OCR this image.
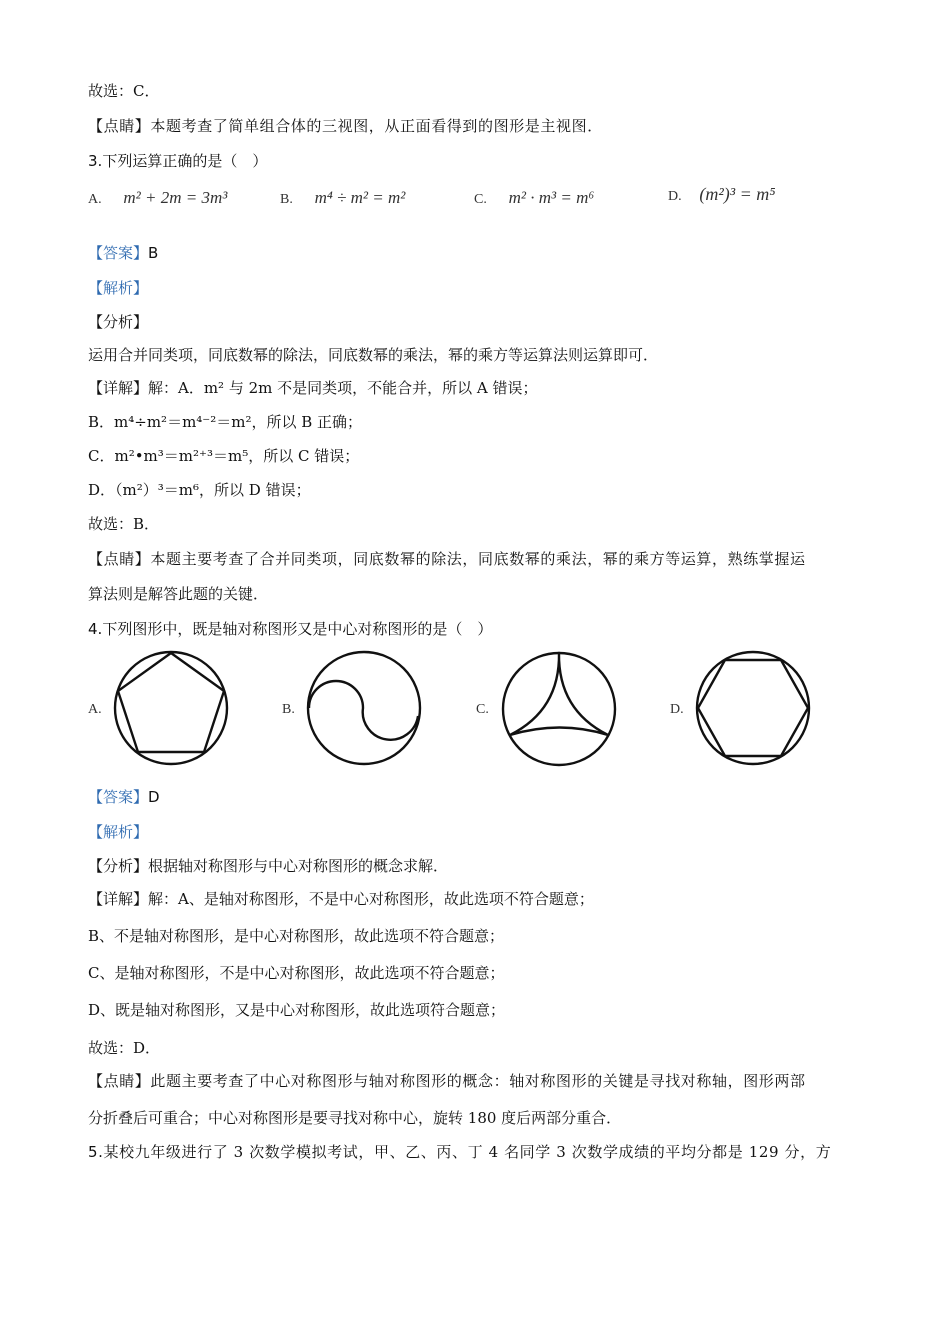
故选：C．
【点睛】本题考查了简单组合体的三视图，从正面看得到的图形是主视图．
3.下列运算正确的是（　）
A. m² + 2m = 3m³	B. m⁴ ÷ m² = m²	C. m² · m³ = m⁶	D. (m²)³ = m⁵
【答案】B
【解析】
【分析】
运用合并同类项，同底数幂的除法，同底数幂的乘法，幂的乘方等运算法则运算即可．
【详解】解：A．m² 与 2m 不是同类项，不能合并，所以 A 错误；
B．m⁴÷m²＝m⁴⁻²＝m²，所以 B 正确；
C．m²•m³＝m²⁺³＝m⁵，所以 C 错误；
D．（m²）³＝m⁶，所以 D 错误；
故选：B．
【点睛】本题主要考查了合并同类项，同底数幂的除法，同底数幂的乘法，幂的乘方等运算，熟练掌握运
算法则是解答此题的关键．
4.下列图形中，既是轴对称图形又是中心对称图形的是（　）
A.	B.	C.	D.
【答案】D
【解析】
【分析】根据轴对称图形与中心对称图形的概念求解．
【详解】解：A、是轴对称图形，不是中心对称图形，故此选项不符合题意；
B、不是轴对称图形，是中心对称图形，故此选项不符合题意；
C、是轴对称图形，不是中心对称图形，故此选项不符合题意；
D、既是轴对称图形，又是中心对称图形，故此选项符合题意；
故选：D．
【点睛】此题主要考查了中心对称图形与轴对称图形的概念：轴对称图形的关键是寻找对称轴，图形两部
分折叠后可重合；中心对称图形是要寻找对称中心，旋转 180 度后两部分重合．
5.某校九年级进行了 3 次数学模拟考试，甲、乙、丙、丁 4 名同学 3 次数学成绩的平均分都是 129 分，方
